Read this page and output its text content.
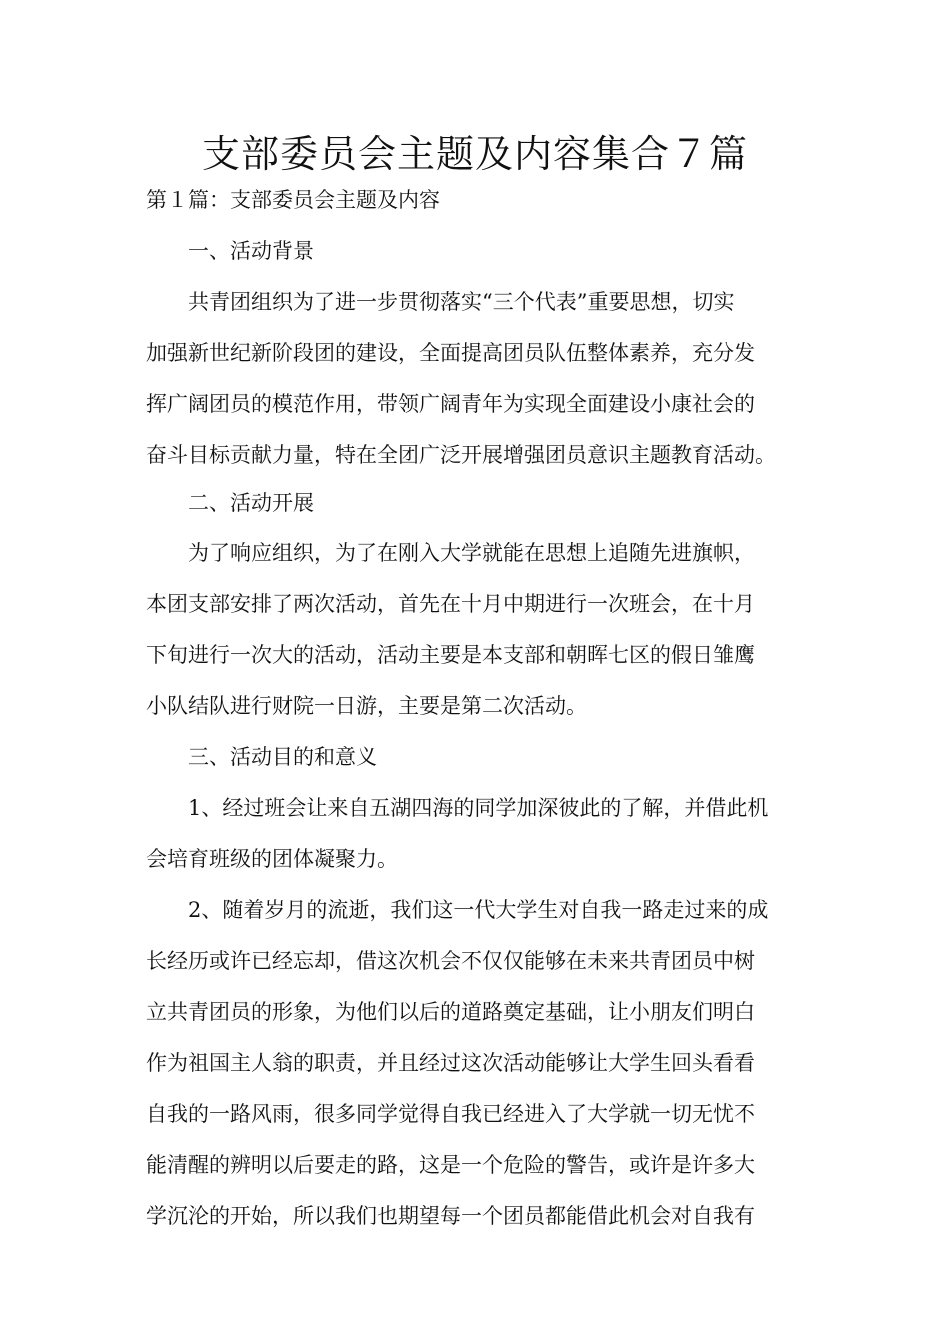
支部委员会主题及内容集合７篇

第１篇：支部委员会主题及内容

一、活动背景

共青团组织为了进一步贯彻落实“三个代表”重要思想，切实

加强新世纪新阶段团的建设，全面提高团员队伍整体素养，充分发

挥广阔团员的模范作用，带领广阔青年为实现全面建设小康社会的

奋斗目标贡献力量，特在全团广泛开展增强团员意识主题教育活动。

二、活动开展

为了响应组织，为了在刚入大学就能在思想上追随先进旗帜，

本团支部安排了两次活动，首先在十月中期进行一次班会，在十月

下旬进行一次大的活动，活动主要是本支部和朝晖七区的假日雏鹰

小队结队进行财院一日游，主要是第二次活动。

三、活动目的和意义

1、经过班会让来自五湖四海的同学加深彼此的了解，并借此机

会培育班级的团体凝聚力。

2、随着岁月的流逝，我们这一代大学生对自我一路走过来的成

长经历或许已经忘却，借这次机会不仅仅能够在未来共青团员中树

立共青团员的形象，为他们以后的道路奠定基础，让小朋友们明白

作为祖国主人翁的职责，并且经过这次活动能够让大学生回头看看

自我的一路风雨，很多同学觉得自我已经进入了大学就一切无忧不

能清醒的辨明以后要走的路，这是一个危险的警告，或许是许多大

学沉沦的开始，所以我们也期望每一个团员都能借此机会对自我有
